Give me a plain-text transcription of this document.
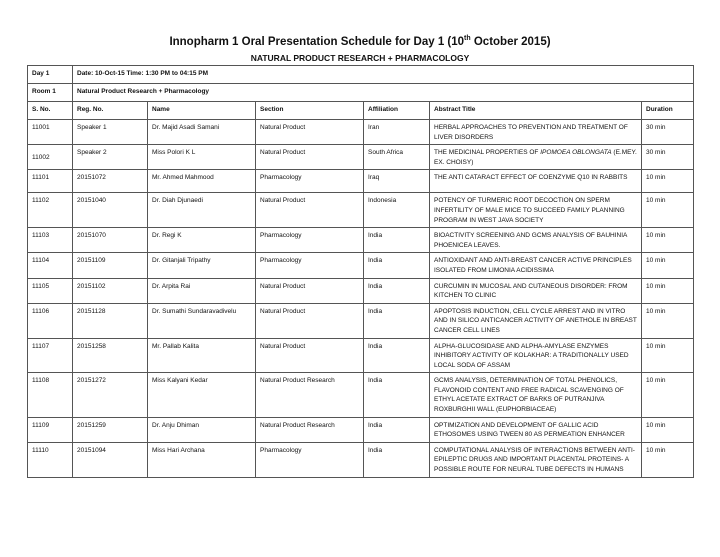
Innopharm 1 Oral Presentation Schedule for Day 1 (10th October 2015)
NATURAL PRODUCT RESEARCH + PHARMACOLOGY
Day 1	Date: 10-Oct-15 Time: 1:30 PM to 04:15 PM					
Room 1	Natural Product Research + Pharmacology					
S. No.	Reg. No.	Name	Section	Affiliation	Abstract Title	Duration
11001	Speaker 1	Dr. Majid Asadi Samani	Natural Product	Iran	HERBAL APPROACHES TO PREVENTION AND TREATMENT OF LIVER DISORDERS	30 min
11002	Speaker 2	Miss Polori K L	Natural Product	South Africa	THE MEDICINAL PROPERTIES OF IPOMOEA OBLONGATA (E.MEY. EX. CHOISY)	30 min
11101	20151072	Mr. Ahmed Mahmood	Pharmacology	Iraq	THE ANTI CATARACT EFFECT OF COENZYME Q10 IN RABBITS	10 min
11102	20151040	Dr. Diah Djunaedi	Natural Product	Indonesia	POTENCY OF TURMERIC ROOT DECOCTION ON SPERM INFERTILITY OF MALE MICE TO SUCCEED FAMILY PLANNING PROGRAM IN WEST JAVA SOCIETY	10 min
11103	20151070	Dr. Regi K	Pharmacology	India	BIOACTIVITY SCREENING AND GCMS ANALYSIS OF BAUHINIA PHOENICEA LEAVES.	10 min
11104	20151109	Dr. Gitanjali Tripathy	Pharmacology	India	ANTIOXIDANT AND ANTI-BREAST CANCER ACTIVE PRINCIPLES ISOLATED FROM LIMONIA ACIDISSIMA	10 min
11105	20151102	Dr. Arpita Rai	Natural Product	India	CURCUMIN IN MUCOSAL AND CUTANEOUS DISORDER: FROM KITCHEN TO CLINIC	10 min
11106	20151128	Dr. Sumathi Sundaravadivelu	Natural Product	India	APOPTOSIS INDUCTION, CELL CYCLE ARREST AND IN VITRO AND IN SILICO ANTICANCER ACTIVITY OF ANETHOLE IN BREAST CANCER CELL LINES	10 min
11107	20151258	Mr. Pallab Kalita	Natural Product	India	ALPHA-GLUCOSIDASE AND ALPHA-AMYLASE ENZYMES INHIBITORY ACTIVITY OF KOLAKHAR: A TRADITIONALLY USED LOCAL SODA OF ASSAM	10 min
11108	20151272	Miss Kalyani Kedar	Natural Product Research	India	GCMS ANALYSIS, DETERMINATION OF TOTAL PHENOLICS, FLAVONOID CONTENT AND FREE RADICAL SCAVENGING OF ETHYL ACETATE EXTRACT OF BARKS OF PUTRANJIVA ROXBURGHII WALL (EUPHORBIACEAE)	10 min
11109	20151259	Dr. Anju Dhiman	Natural Product Research	India	OPTIMIZATION AND DEVELOPMENT OF GALLIC ACID ETHOSOMES USING TWEEN 80 AS PERMEATION ENHANCER	10 min
11110	20151094	Miss Hari Archana	Pharmacology	India	COMPUTATIONAL ANALYSIS OF INTERACTIONS BETWEEN ANTI-EPILEPTIC DRUGS AND IMPORTANT PLACENTAL PROTEINS- A POSSIBLE ROUTE FOR NEURAL TUBE DEFECTS IN HUMANS	10 min
